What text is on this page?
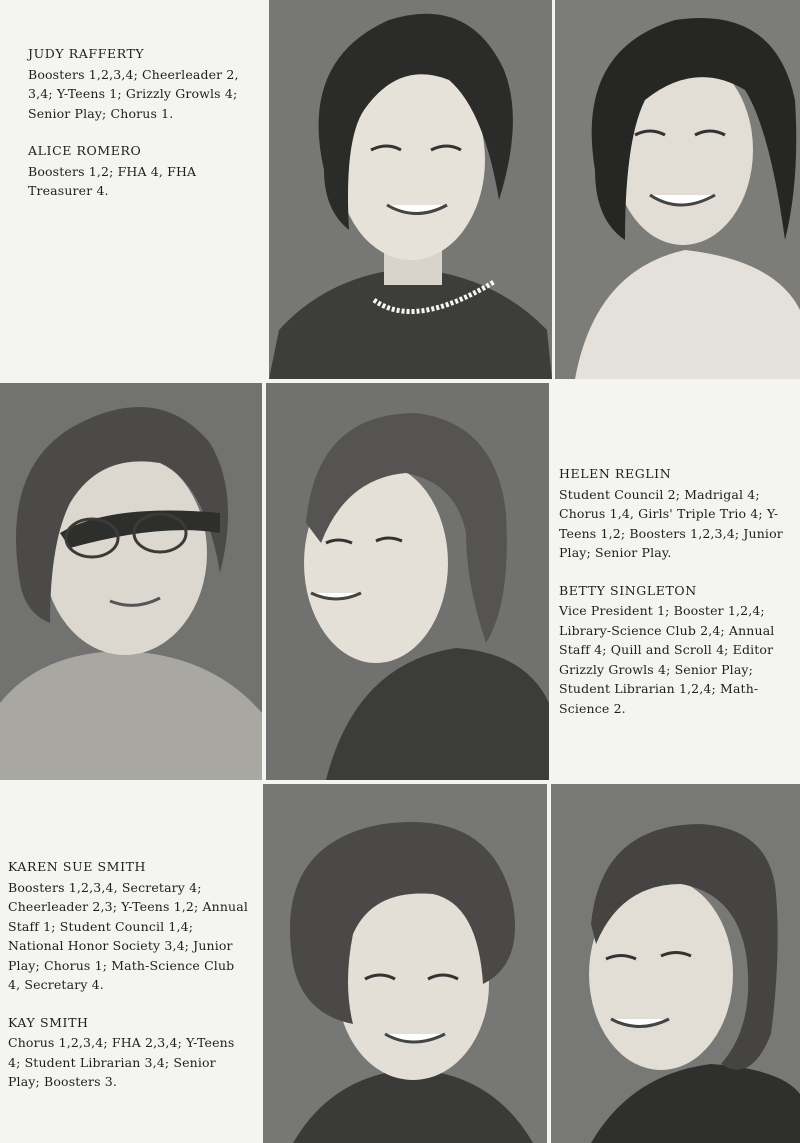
JUDY RAFFERTY
Boosters 1,2,3,4; Cheerleader 2, 3,4; Y-Teens 1; Grizzly Growls 4; Senior Play; Chorus 1.
ALICE ROMERO
Boosters 1,2; FHA 4, FHA Treasurer 4.
HELEN REGLIN
Student Council 2; Madrigal 4; Chorus 1,4, Girls' Triple Trio 4; Y-Teens 1,2; Boosters 1,2,3,4; Junior Play; Senior Play.
BETTY SINGLETON
Vice President 1; Booster 1,2,4; Library-Science Club 2,4; Annual Staff 4; Quill and Scroll 4; Editor Grizzly Growls 4; Senior Play; Student Librarian 1,2,4; Math-Science 2.
KAREN SUE SMITH
Boosters 1,2,3,4, Secretary 4; Cheerleader 2,3; Y-Teens 1,2; Annual Staff 1; Student Council 1,4; National Honor Society 3,4; Junior Play; Chorus 1; Math-Science Club 4, Secretary 4.
KAY SMITH
Chorus 1,2,3,4; FHA 2,3,4; Y-Teens 4; Student Librarian 3,4; Senior Play; Boosters 3.
